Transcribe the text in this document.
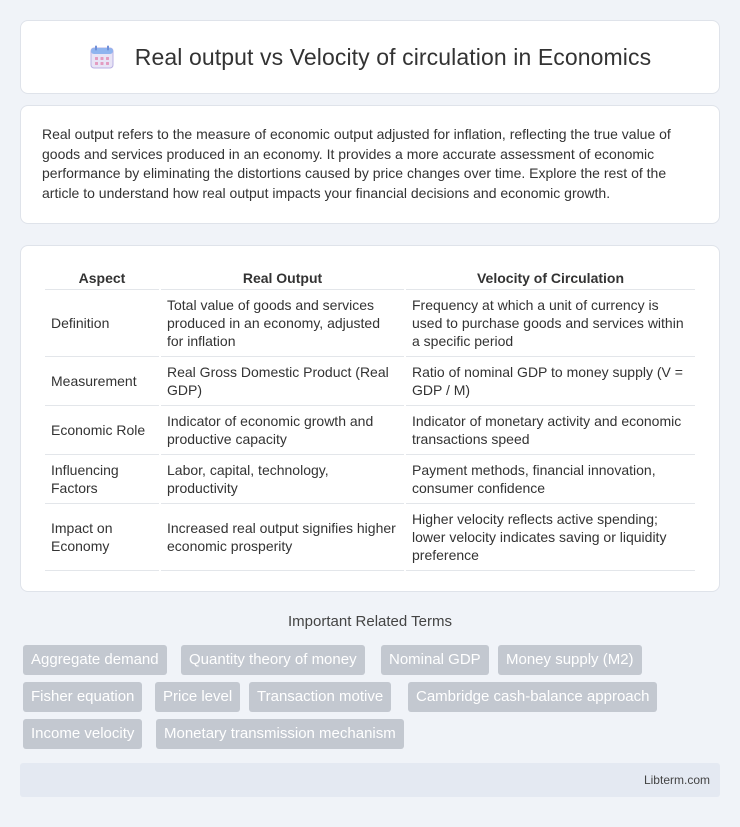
Real output vs Velocity of circulation in Economics

Real output refers to the measure of economic output adjusted for inflation, reflecting the true value of goods and services produced in an economy. It provides a more accurate assessment of economic performance by eliminating the distortions caused by price changes over time. Explore the rest of the article to understand how real output impacts your financial decisions and economic growth.

Aspect	Real Output	Velocity of Circulation
Definition	Total value of goods and services produced in an economy, adjusted for inflation	Frequency at which a unit of currency is used to purchase goods and services within a specific period
Measurement	Real Gross Domestic Product (Real GDP)	Ratio of nominal GDP to money supply (V = GDP / M)
Economic Role	Indicator of economic growth and productive capacity	Indicator of monetary activity and economic transactions speed
Influencing Factors	Labor, capital, technology, productivity	Payment methods, financial innovation, consumer confidence
Impact on Economy	Increased real output signifies higher economic prosperity	Higher velocity reflects active spending; lower velocity indicates saving or liquidity preference
Important Related Terms
Aggregate demand	Quantity theory of money	Nominal GDP	Money supply (M2)
Fisher equation	Price level	Transaction motive	Cambridge cash-balance approach
Income velocity	Monetary transmission mechanism
Libterm.com
